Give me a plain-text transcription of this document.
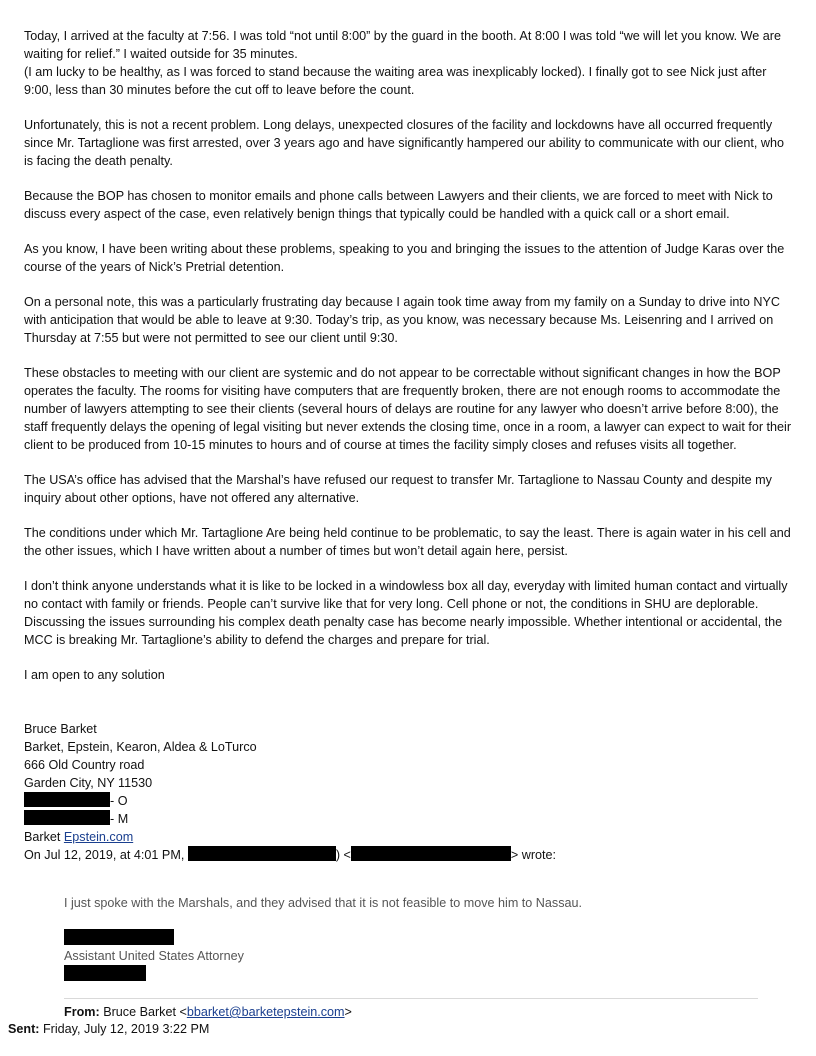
Today, I arrived at the faculty at 7:56. I was told “not until 8:00” by the guard in the booth. At 8:00 I was told “we will let you know. We are waiting for relief.” I waited outside for 35 minutes.
(I am lucky to be healthy, as I was forced to stand because the waiting area was inexplicably locked). I finally got to see Nick just after 9:00, less than 30 minutes before the cut off to leave before the count.

Unfortunately, this is not a recent problem. Long delays, unexpected closures of the facility and lockdowns have all occurred frequently since Mr. Tartaglione was first arrested, over 3 years ago and have significantly hampered our ability to communicate with our client, who is facing the death penalty.

Because the BOP has chosen to monitor emails and phone calls between Lawyers and their clients, we are forced to meet with Nick to discuss every aspect of the case, even relatively benign things that typically could be handled with a quick call or a short email.

As you know, I have been writing about these problems, speaking to you and bringing the issues to the attention of Judge Karas over the course of the years of Nick’s Pretrial detention.

On a personal note, this was a particularly frustrating day because I again took time away from my family on a Sunday to drive into NYC with anticipation that would be able to leave at 9:30. Today’s trip, as you know, was necessary because Ms. Leisenring and I arrived on Thursday at 7:55 but were not permitted to see our client until 9:30.

These obstacles to meeting with our client are systemic and do not appear to be correctable without significant changes in how the BOP operates the faculty. The rooms for visiting have computers that are frequently broken, there are not enough rooms to accommodate the number of lawyers attempting to see their clients (several hours of delays are routine for any lawyer who doesn’t arrive before 8:00), the staff frequently delays the opening of legal visiting but never extends the closing time, once in a room, a lawyer can expect to wait for their client to be produced from 10-15 minutes to hours and of course at times the facility simply closes and refuses visits all together.

The USA’s office has advised that the Marshal’s have refused our request to transfer Mr. Tartaglione to Nassau County and despite my inquiry about other options, have not offered any alternative.

The conditions under which Mr. Tartaglione Are being held continue to be problematic, to say the least. There is again water in his cell and the other issues, which I have written about a number of times but won’t detail again here, persist.

I don’t think anyone understands what it is like to be locked in a windowless box all day, everyday with limited human contact and virtually no contact with family or friends. People can’t survive like that for very long. Cell phone or not, the conditions in SHU are deplorable. Discussing the issues surrounding his complex death penalty case has become nearly impossible. Whether intentional or accidental, the MCC is breaking Mr. Tartaglione’s ability to defend the charges and prepare for trial.

I am open to any solution

Bruce Barket
Barket, Epstein, Kearon, Aldea & LoTurco
666 Old Country road
Garden City, NY 11530
- O
- M
Barket Epstein.com
On Jul 12, 2019, at 4:01 PM,	) <	> wrote:
I just spoke with the Marshals, and they advised that it is not feasible to move him to Nassau.
Assistant United States Attorney
From: Bruce Barket <bbarket@barketepstein.com>
Sent: Friday, July 12, 2019 3:22 PM
